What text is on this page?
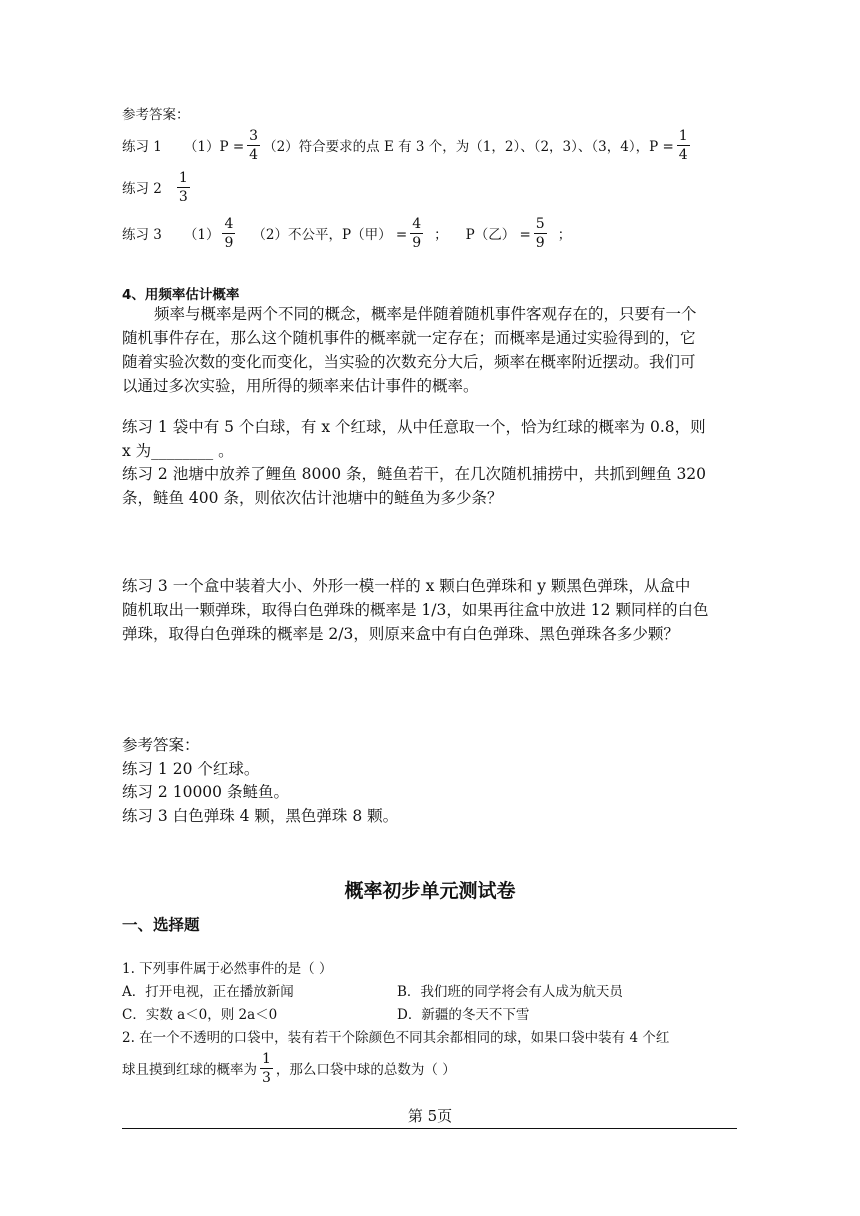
参考答案：
练习 1 $(1)P = \frac{3}{4} (2)$符合要求的点 E 有 3 个，为（1，2）、（2，3）、（3，4），$P = \frac{1}{4}$
练习 $2 \frac{1}{3}$
练习 3 $(1) \frac{4}{9} (2)$不公平，P（甲） = $\frac{4}{9}$ ； P（乙） = $\frac{5}{9}$ ；
4、用频率估计概率
频率与概率是两个不同的概念，概率是伴随着随机事件客观存在的，只要有一个
随机事件存在，那么这个随机事件的概率就一定存在；而概率是通过实验得到的，它
随着实验次数的变化而变化，当实验的次数充分大后，频率在概率附近摆动。我们可
以通过多次实验，用所得的频率来估计事件的概率。
练习 1 袋中有 5 个白球，有 x 个红球，从中任意取一个，恰为红球的概率为 0.8，则
x 为________ 。
练习 2 池塘中放养了鲤鱼 8000 条，鲢鱼若干，在几次随机捕捞中，共抓到鲤鱼 320
条，鲢鱼 400 条，则依次估计池塘中的鲢鱼为多少条？
练习 3 一个盒中装着大小、外形一模一样的 x 颗白色弹珠和 y 颗黑色弹珠，从盒中
随机取出一颗弹珠，取得白色弹珠的概率是 1/3，如果再往盒中放进 12 颗同样的白色
弹珠，取得白色弹珠的概率是 2/3，则原来盒中有白色弹珠、黑色弹珠各多少颗？
参考答案：
练习 1 20 个红球。
练习 2 10000 条鲢鱼。
练习 3 白色弹珠 4 颗，黑色弹珠 8 颗。
概率初步单元测试卷
一、选择题
1. 下列事件属于必然事件的是（ ）
A．打开电视，正在播放新闻	B．我们班的同学将会有人成为航天员
C．实数 a＜0，则 2a＜0	D．新疆的冬天不下雪
2. 在一个不透明的口袋中，装有若干个除颜色不同其余都相同的球，如果口袋中装有 4 个红
球且摸到红球的概率为 $\frac{1}{3}$ ，那么口袋中球的总数为（ ）
第 5页
